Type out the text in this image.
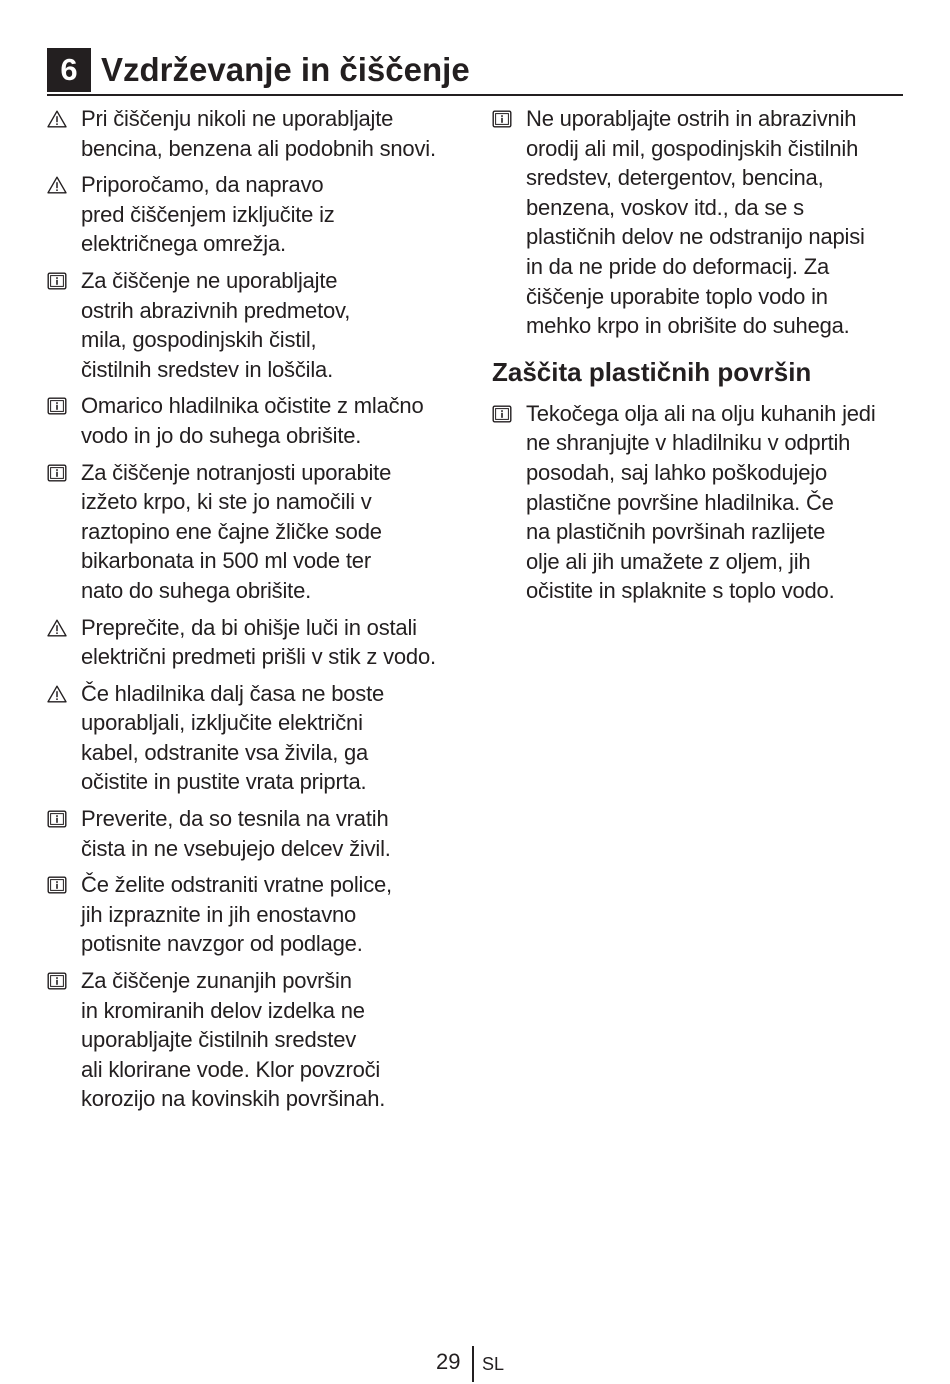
6 Vzdrževanje in čiščenje
Pri čiščenju nikoli ne uporabljajte
bencina, benzena ali podobnih snovi.
Priporočamo, da napravo
pred čiščenjem izključite iz
električnega omrežja.
Za čiščenje ne uporabljajte
ostrih abrazivnih predmetov,
mila, gospodinjskih čistil,
čistilnih sredstev in loščila.
Omarico hladilnika očistite z mlačno
vodo in jo do suhega obrišite.
Za čiščenje notranjosti uporabite
izžeto krpo, ki ste jo namočili v
raztopino ene čajne žličke sode
bikarbonata in 500 ml vode ter
nato do suhega obrišite.
Preprečite, da bi ohišje luči in ostali
električni predmeti prišli v stik z vodo.
Če hladilnika dalj časa ne boste
uporabljali, izključite električni
kabel, odstranite vsa živila, ga
očistite in pustite vrata priprta.
Preverite, da so tesnila na vratih
čista in ne vsebujejo delcev živil.
Če želite odstraniti vratne police,
jih izpraznite in jih enostavno
potisnite navzgor od podlage.
Za čiščenje zunanjih površin
in kromiranih delov izdelka ne
uporabljajte čistilnih sredstev
ali klorirane vode. Klor povzroči
korozijo na kovinskih površinah.
Ne uporabljajte ostrih in abrazivnih
orodij ali mil, gospodinjskih čistilnih
sredstev, detergentov, bencina,
benzena, voskov itd., da se s
plastičnih delov ne odstranijo napisi
in da ne pride do deformacij. Za
čiščenje uporabite toplo vodo in
mehko krpo in obrišite do suhega.
Zaščita plastičnih površin
Tekočega olja ali na olju kuhanih jedi
ne shranjujte v hladilniku v odprtih
posodah, saj lahko poškodujejo
plastične površine hladilnika. Če
na plastičnih površinah razlijete
olje ali jih umažete z oljem, jih
očistite in splaknite s toplo vodo.
29 SL
